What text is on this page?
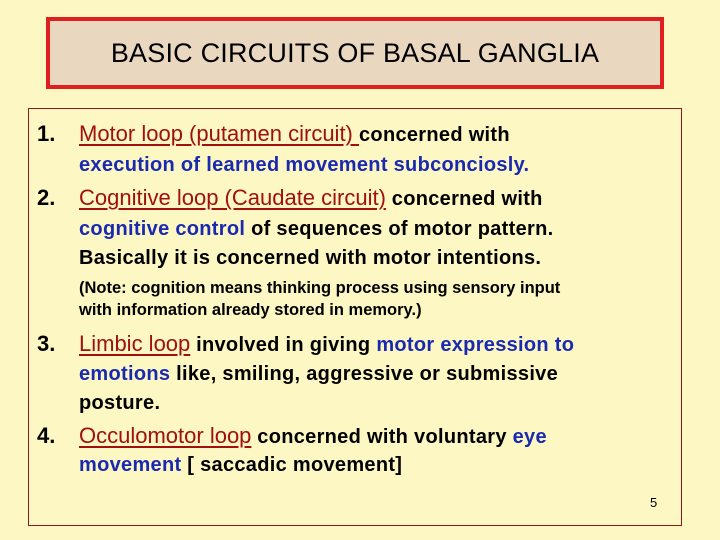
BASIC CIRCUITS OF BASAL GANGLIA
1. Motor loop (putamen circuit) concerned with
execution of learned movement subconciosly.
2. Cognitive loop (Caudate circuit) concerned with
cognitive control of sequences of motor pattern.
Basically it is concerned with motor intentions.
(Note: cognition means thinking process using sensory input
with information already stored in memory.)
3. Limbic loop involved in giving motor expression to
emotions like, smiling, aggressive or submissive
posture.
4. Occulomotor loop concerned with voluntary eye
movement [ saccadic movement]
5
